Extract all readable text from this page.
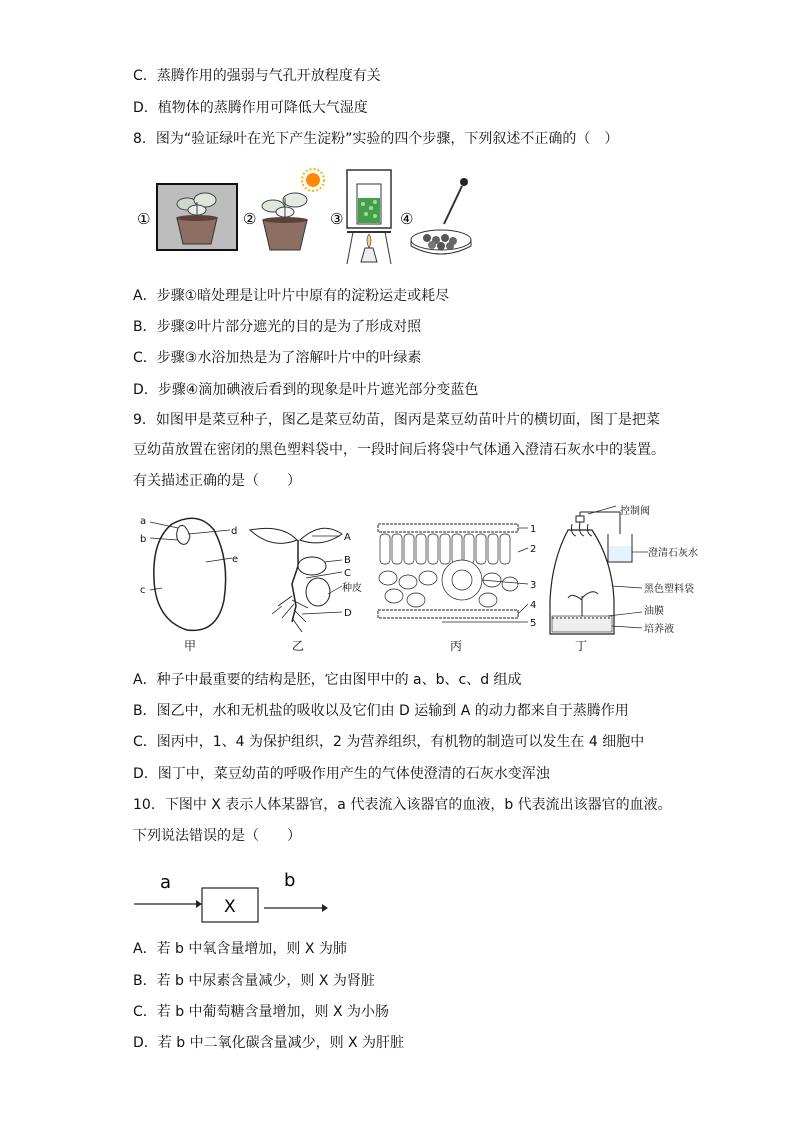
C．蒸腾作用的强弱与气孔开放程度有关
D．植物体的蒸腾作用可降低大气湿度
8．图为“验证绿叶在光下产生淀粉”实验的四个步骤，下列叙述不正确的（　）
①	②	③	④
A．步骤①暗处理是让叶片中原有的淀粉运走或耗尽
B．步骤②叶片部分遮光的目的是为了形成对照
C．步骤③水浴加热是为了溶解叶片中的叶绿素
D．步骤④滴加碘液后看到的现象是叶片遮光部分变蓝色
9．如图甲是菜豆种子，图乙是菜豆幼苗，图丙是菜豆幼苗叶片的横切面，图丁是把菜
豆幼苗放置在密闭的黑色塑料袋中，一段时间后将袋中气体通入澄清石灰水中的装置。
有关描述正确的是（　　）
a
b
c
d
e
甲
A
B
C
种皮
D
乙
1
2
3
4
5
丙
控制阀
澄清石灰水
黑色塑料袋
油膜
培养液
丁
A．种子中最重要的结构是胚，它由图甲中的 a、b、c、d 组成
B．图乙中，水和无机盐的吸收以及它们由 D 运输到 A 的动力都来自于蒸腾作用
C．图丙中，1、4 为保护组织，2 为营养组织，有机物的制造可以发生在 4 细胞中
D．图丁中，菜豆幼苗的呼吸作用产生的气体使澄清的石灰水变浑浊
10．下图中 X 表示人体某器官，a 代表流入该器官的血液，b 代表流出该器官的血液。
下列说法错误的是（　　）
a
X
b
A．若 b 中氧含量增加，则 X 为肺
B．若 b 中尿素含量减少，则 X 为肾脏
C．若 b 中葡萄糖含量增加，则 X 为小肠
D．若 b 中二氧化碳含量减少，则 X 为肝脏
